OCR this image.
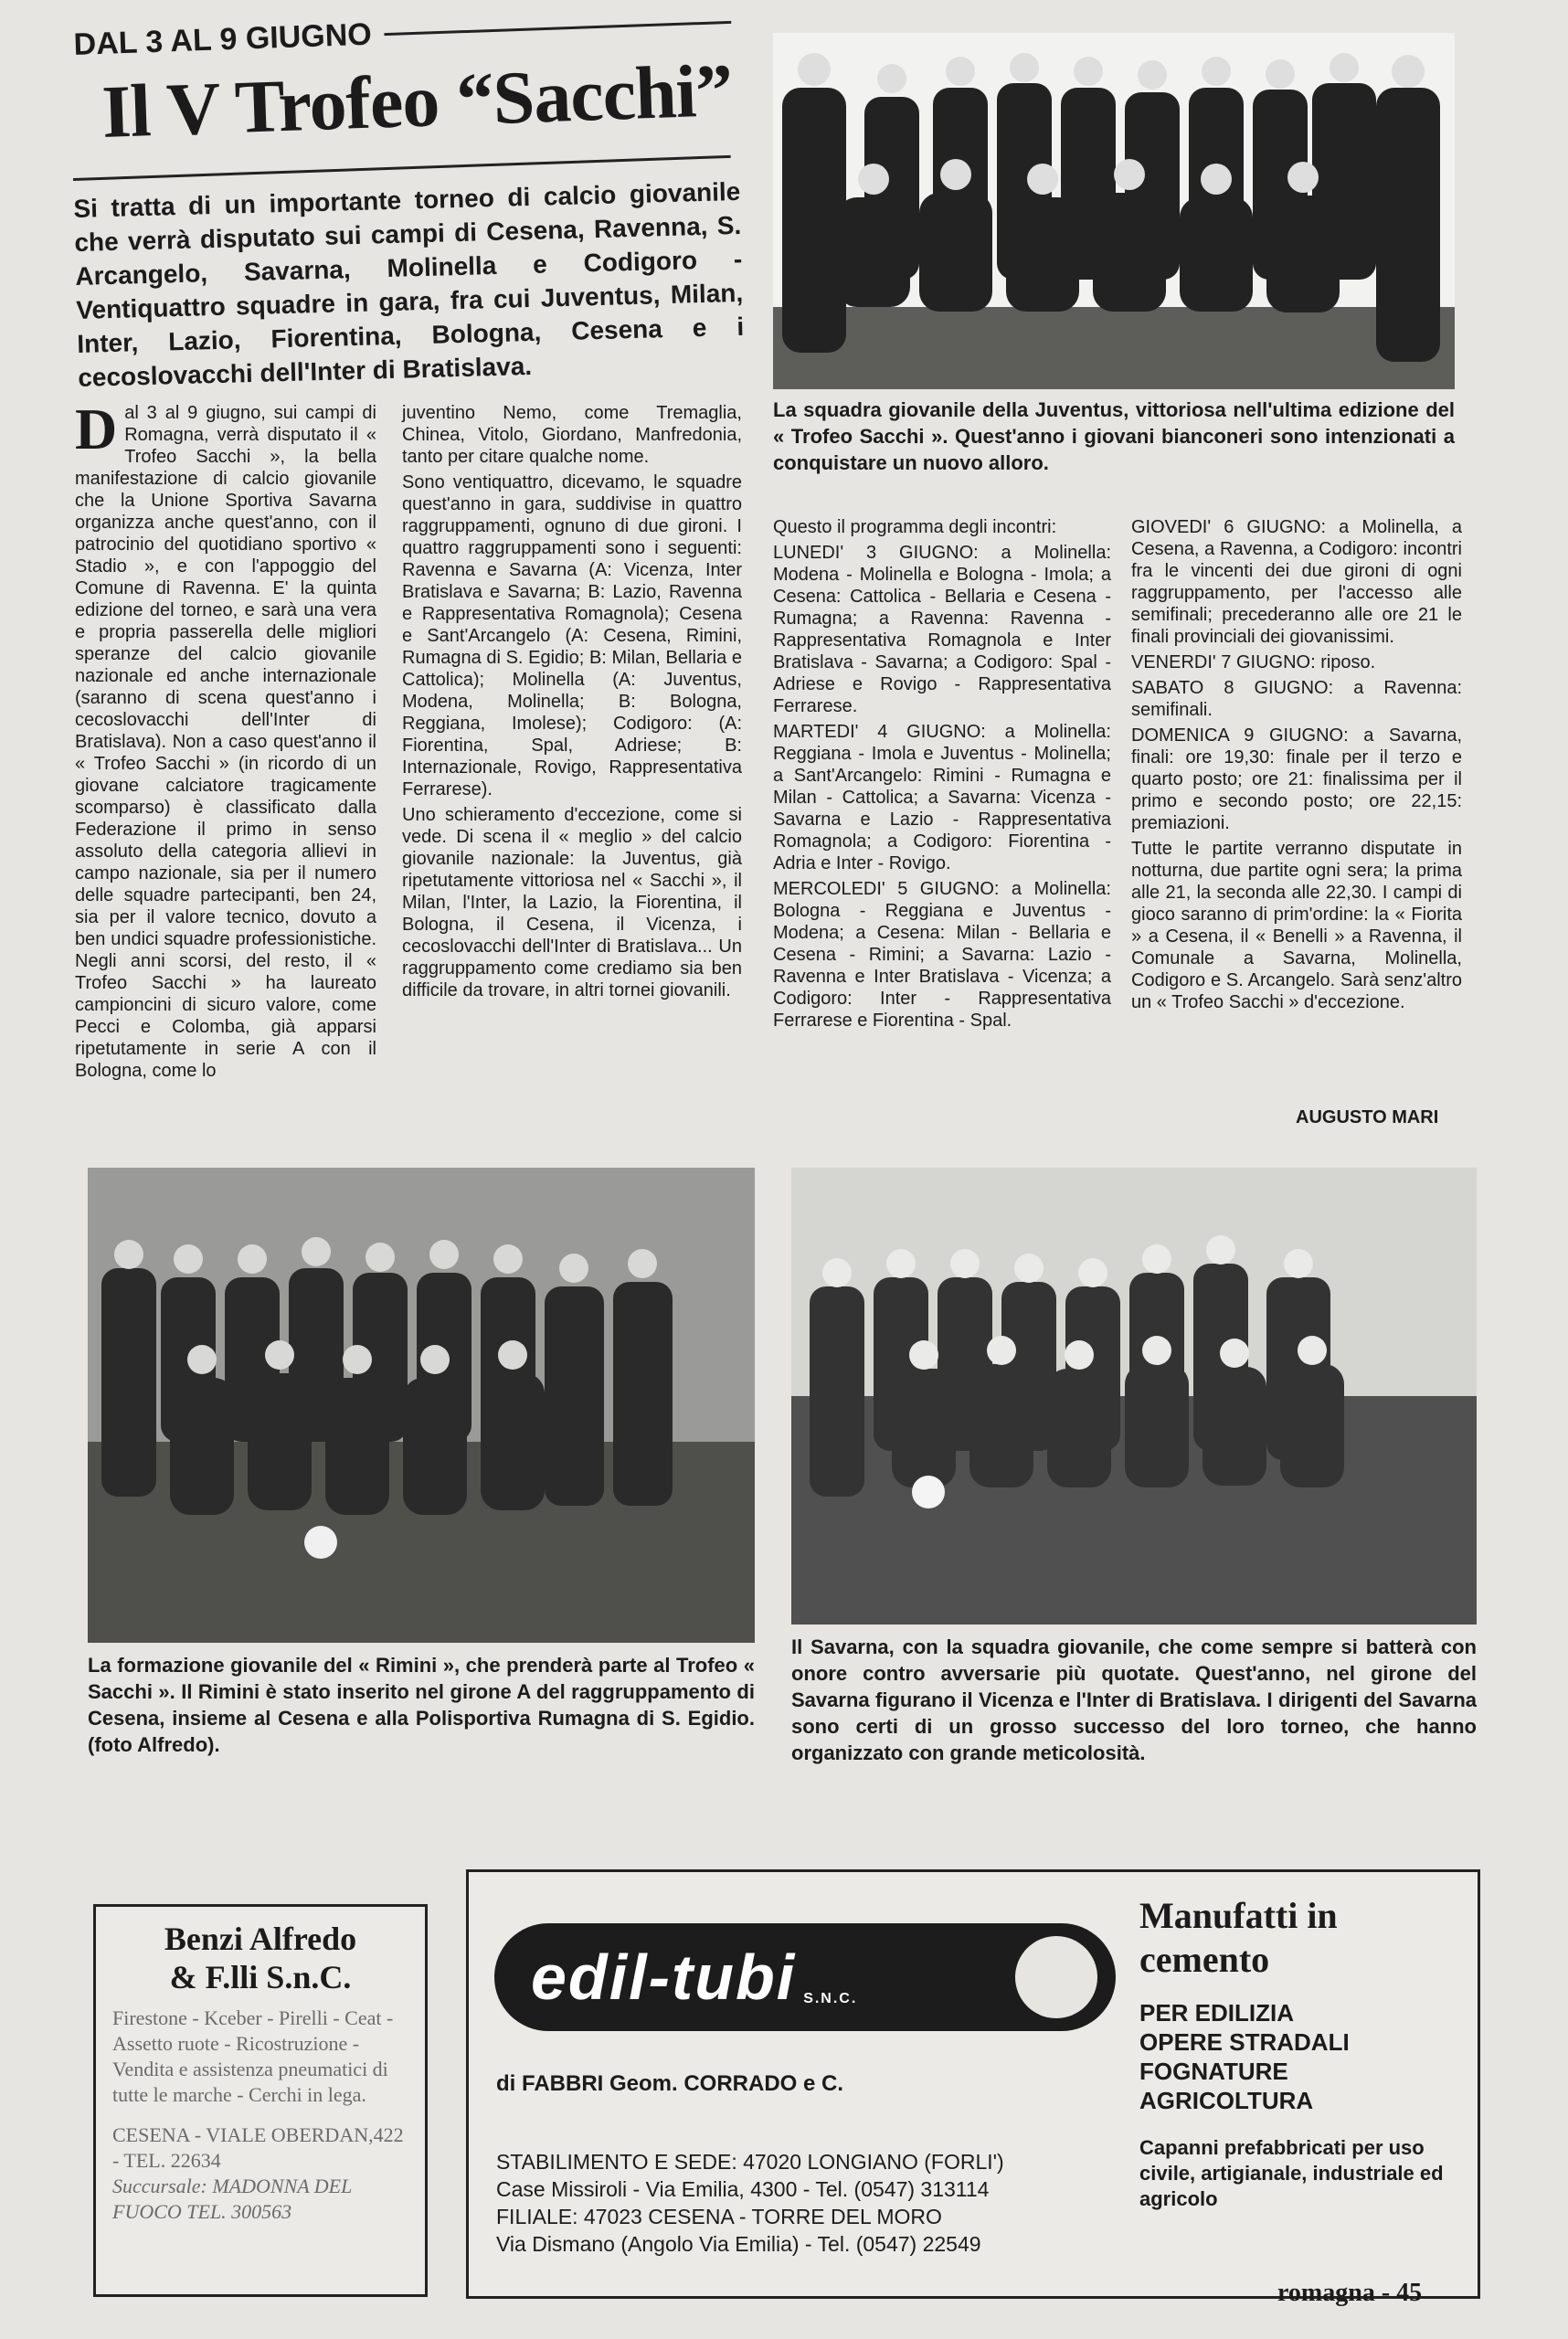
DAL 3 AL 9 GIUGNO
Il V Trofeo “Sacchi”
Si tratta di un importante torneo di calcio giovanile che verrà disputato sui campi di Cesena, Ravenna, S. Arcangelo, Savarna, Molinella e Codigoro - Ventiquattro squadre in gara, fra cui Juventus, Milan, Inter, Lazio, Fiorentina, Bologna, Cesena e i cecoslovacchi dell'Inter di Bratislava.
D al 3 al 9 giugno, sui campi di Romagna, verrà disputato il « Trofeo Sacchi », la bella manifestazione di calcio giovanile che la Unione Sportiva Savarna organizza anche quest'anno, con il patrocinio del quotidiano sportivo « Stadio », e con l'appoggio del Comune di Ravenna. E' la quinta edizione del torneo, e sarà una vera e propria passerella delle migliori speranze del calcio giovanile nazionale ed anche internazionale (saranno di scena quest'anno i cecoslovacchi dell'Inter di Bratislava). Non a caso quest'anno il « Trofeo Sacchi » (in ricordo di un giovane calciatore tragicamente scomparso) è classificato dalla Federazione il primo in senso assoluto della categoria allievi in campo nazionale, sia per il numero delle squadre partecipanti, ben 24, sia per il valore tecnico, dovuto a ben undici squadre professionistiche. Negli anni scorsi, del resto, il « Trofeo Sacchi » ha laureato campioncini di sicuro valore, come Pecci e Colomba, già apparsi ripetutamente in serie A con il Bologna, come lo

juventino Nemo, come Tremaglia, Chinea, Vitolo, Giordano, Manfredonia, tanto per citare qualche nome.

Sono ventiquattro, dicevamo, le squadre quest'anno in gara, suddivise in quattro raggruppamenti, ognuno di due gironi. I quattro raggruppamenti sono i seguenti: Ravenna e Savarna (A: Vicenza, Inter Bratislava e Savarna; B: Lazio, Ravenna e Rappresentativa Romagnola); Cesena e Sant'Arcangelo (A: Cesena, Rimini, Rumagna di S. Egidio; B: Milan, Bellaria e Cattolica); Molinella (A: Juventus, Modena, Molinella; B: Bologna, Reggiana, Imolese); Codigoro: (A: Fiorentina, Spal, Adriese; B: Internazionale, Rovigo, Rappresentativa Ferrarese).

Uno schieramento d'eccezione, come si vede. Di scena il « meglio » del calcio giovanile nazionale: la Juventus, già ripetutamente vittoriosa nel « Sacchi », il Milan, l'Inter, la Lazio, la Fiorentina, il Bologna, il Cesena, il Vicenza, i cecoslovacchi dell'Inter di Bratislava... Un raggruppamento come crediamo sia ben difficile da trovare, in altri tornei giovanili.

Questo il programma degli incontri:

LUNEDI' 3 GIUGNO: a Molinella: Modena - Molinella e Bologna - Imola; a Cesena: Cattolica - Bellaria e Cesena - Rumagna; a Ravenna: Ravenna - Rappresentativa Romagnola e Inter Bratislava - Savarna; a Codigoro: Spal - Adriese e Rovigo - Rappresentativa Ferrarese.

MARTEDI' 4 GIUGNO: a Molinella: Reggiana - Imola e Juventus - Molinella; a Sant'Arcangelo: Rimini - Rumagna e Milan - Cattolica; a Savarna: Vicenza - Savarna e Lazio - Rappresentativa Romagnola; a Codigoro: Fiorentina - Adria e Inter - Rovigo.

MERCOLEDI' 5 GIUGNO: a Molinella: Bologna - Reggiana e Juventus - Modena; a Cesena: Milan - Bellaria e Cesena - Rimini; a Savarna: Lazio - Ravenna e Inter Bratislava - Vicenza; a Codigoro: Inter - Rappresentativa Ferrarese e Fiorentina - Spal.

GIOVEDI' 6 GIUGNO: a Molinella, a Cesena, a Ravenna, a Codigoro: incontri fra le vincenti dei due gironi di ogni raggruppamento, per l'accesso alle semifinali; precederanno alle ore 21 le finali provinciali dei giovanissimi.

VENERDI' 7 GIUGNO: riposo.

SABATO 8 GIUGNO: a Ravenna: semifinali.

DOMENICA 9 GIUGNO: a Savarna, finali: ore 19,30: finale per il terzo e quarto posto; ore 21: finalissima per il primo e secondo posto; ore 22,15: premiazioni.

Tutte le partite verranno disputate in notturna, due partite ogni sera; la prima alle 21, la seconda alle 22,30. I campi di gioco saranno di prim'ordine: la « Fiorita » a Cesena, il « Benelli » a Ravenna, il Comunale a Savarna, Molinella, Codigoro e S. Arcangelo. Sarà senz'altro un « Trofeo Sacchi » d'eccezione.

AUGUSTO MARI
La squadra giovanile della Juventus, vittoriosa nell'ultima edizione del « Trofeo Sacchi ». Quest'anno i giovani bianconeri sono intenzionati a conquistare un nuovo alloro.
La formazione giovanile del « Rimini », che prenderà parte al Trofeo « Sacchi ». Il Rimini è stato inserito nel girone A del raggruppamento di Cesena, insieme al Cesena e alla Polisportiva Rumagna di S. Egidio. (foto Alfredo).
Il Savarna, con la squadra giovanile, che come sempre si batterà con onore contro avversarie più quotate. Quest'anno, nel girone del Savarna figurano il Vicenza e l'Inter di Bratislava. I dirigenti del Savarna sono certi di un grosso successo del loro torneo, che hanno organizzato con grande meticolosità.
Benzi Alfredo
& F.lli S.n.C.
Firestone - Kceber - Pirelli - Ceat - Assetto ruote - Ricostruzione - Vendita e assistenza pneumatici di tutte le marche - Cerchi in lega.
CESENA - VIALE OBERDAN,422 - TEL. 22634
Succursale: MADONNA DEL FUOCO TEL. 300563
edil-tubi S.N.C.
di FABBRI Geom. CORRADO e C.
STABILIMENTO E SEDE: 47020 LONGIANO (FORLI')
Case Missiroli - Via Emilia, 4300 - Tel. (0547) 313114
FILIALE: 47023 CESENA - TORRE DEL MORO
Via Dismano (Angolo Via Emilia) - Tel. (0547) 22549
Manufatti in cemento
PER EDILIZIA
OPERE STRADALI
FOGNATURE
AGRICOLTURA
Capanni prefabbricati per uso civile, artigianale, industriale ed agricolo
romagna - 45
